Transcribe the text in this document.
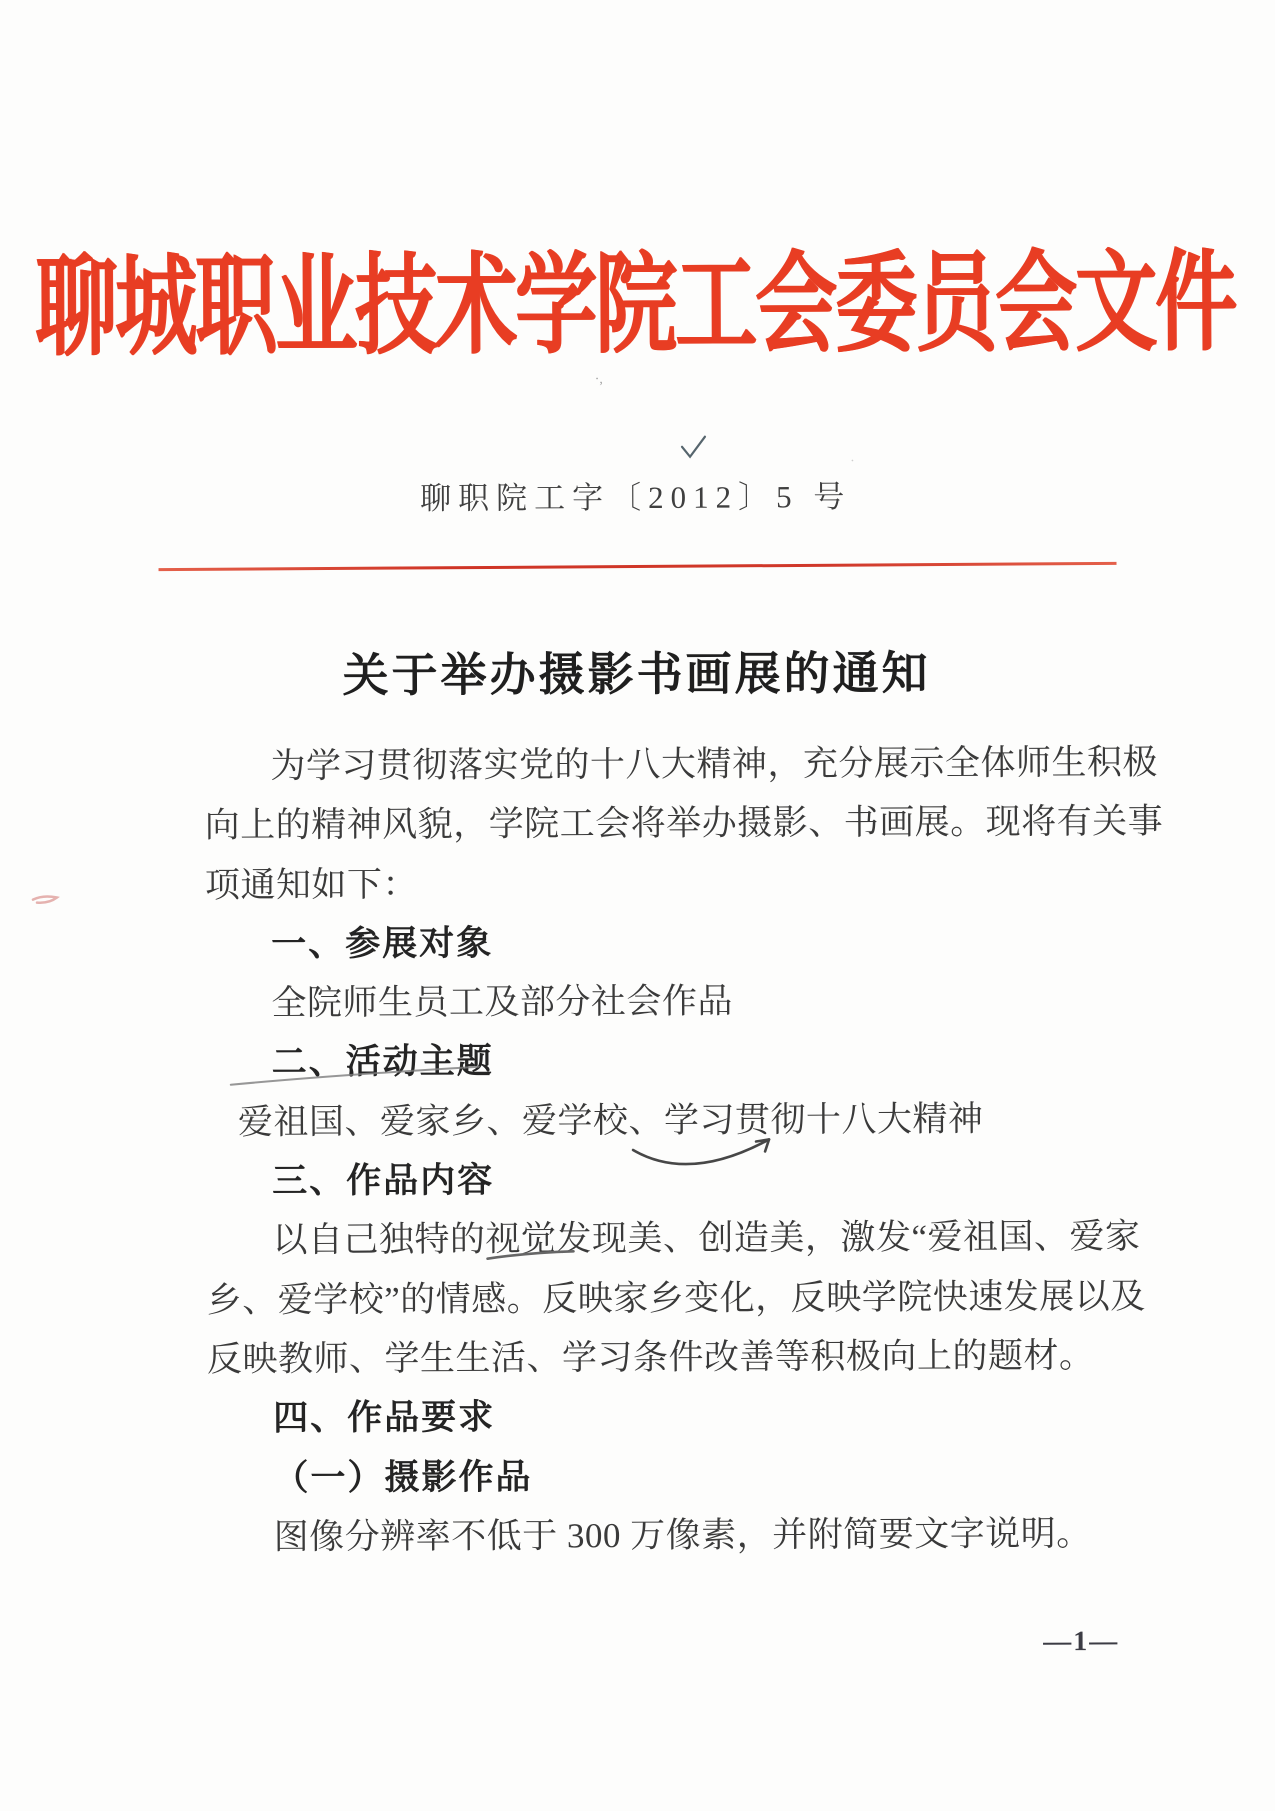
聊城职业技术学院工会委员会文件
聊职院工字〔2012〕5 号
关于举办摄影书画展的通知
为学习贯彻落实党的十八大精神，充分展示全体师生积极
向上的精神风貌，学院工会将举办摄影、书画展。现将有关事
项通知如下：
一、参展对象
全院师生员工及部分社会作品
二、活动主题
爱祖国、爱家乡、爱学校、学习贯彻十八大精神
三、作品内容
以自己独特的视觉发现美、创造美，激发“爱祖国、爱家
乡、爱学校”的情感。反映家乡变化，反映学院快速发展以及
反映教师、学生生活、学习条件改善等积极向上的题材。
四、作品要求
（一）摄影作品
图像分辨率不低于 300 万像素，并附简要文字说明。
—1—
·,
·
